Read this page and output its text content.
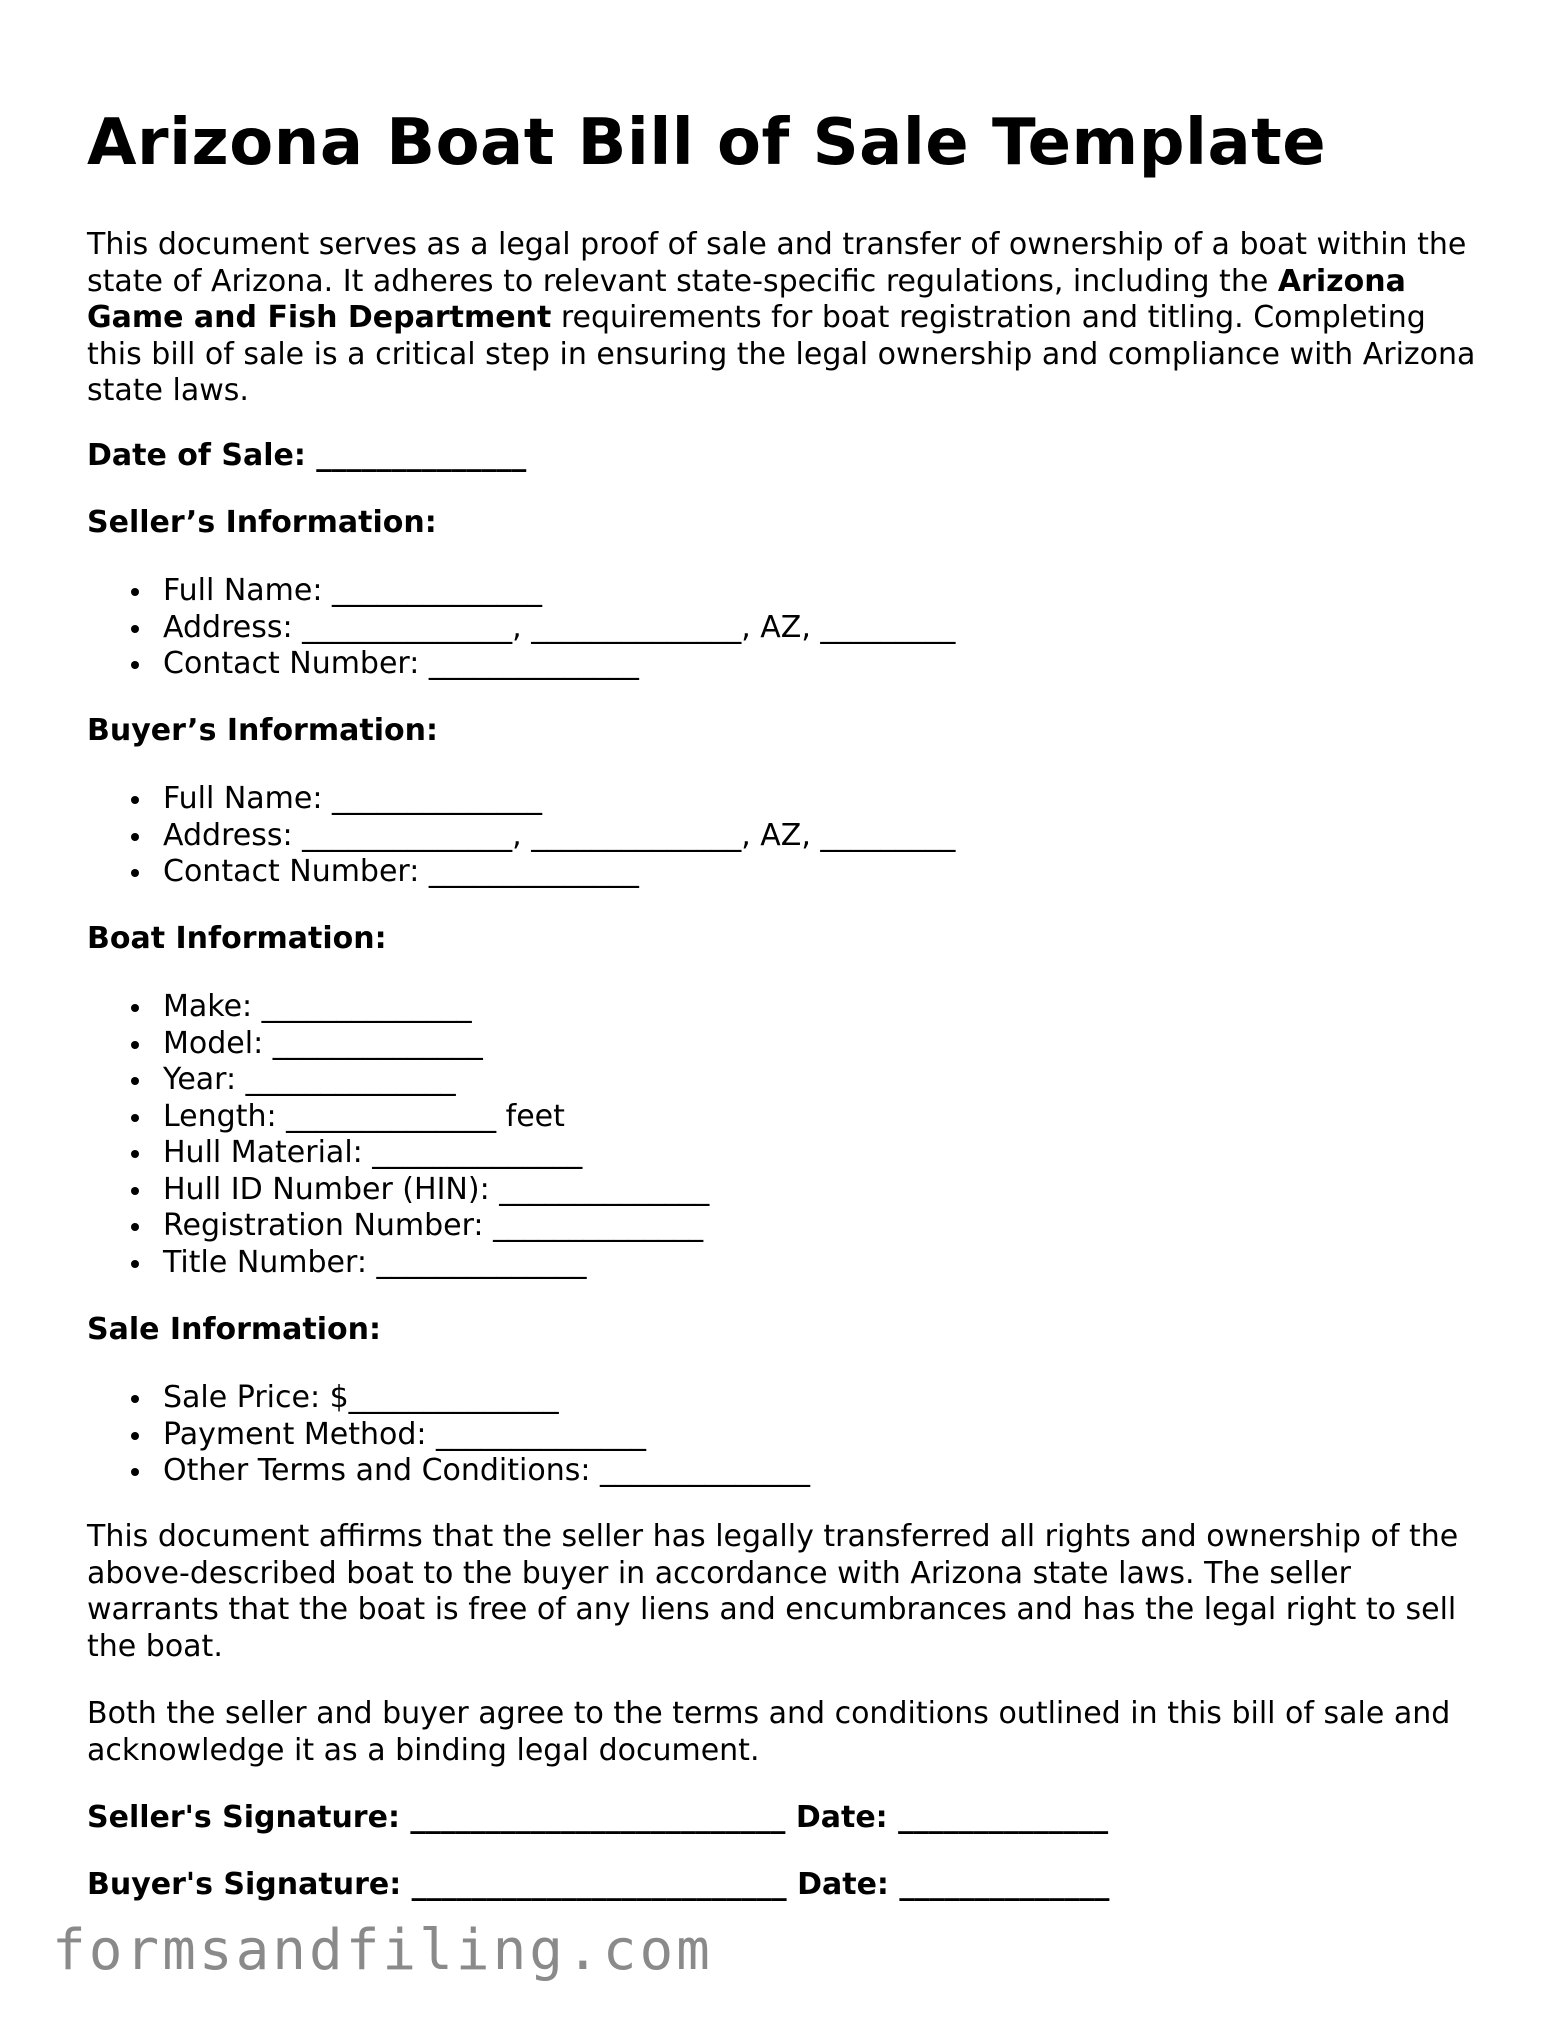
Arizona Boat Bill of Sale Template
This document serves as a legal proof of sale and transfer of ownership of a boat within the state of Arizona. It adheres to relevant state-specific regulations, including the Arizona Game and Fish Department requirements for boat registration and titling. Completing this bill of sale is a critical step in ensuring the legal ownership and compliance with Arizona state laws.
Date of Sale: ______________
Seller’s Information:
Full Name: ______________
Address: ______________, ______________, AZ, _________
Contact Number: ______________
Buyer’s Information:
Full Name: ______________
Address: ______________, ______________, AZ, _________
Contact Number: ______________
Boat Information:
Make: ______________
Model: ______________
Year: ______________
Length: ______________ feet
Hull Material: ______________
Hull ID Number (HIN): ______________
Registration Number: ______________
Title Number: ______________
Sale Information:
Sale Price: $______________
Payment Method: ______________
Other Terms and Conditions: ______________
This document affirms that the seller has legally transferred all rights and ownership of the above-described boat to the buyer in accordance with Arizona state laws. The seller warrants that the boat is free of any liens and encumbrances and has the legal right to sell the boat.
Both the seller and buyer agree to the terms and conditions outlined in this bill of sale and acknowledge it as a binding legal document.
Seller's Signature: _________________________ Date: ______________
Buyer's Signature: _________________________ Date: ______________
formsandfiling.com
